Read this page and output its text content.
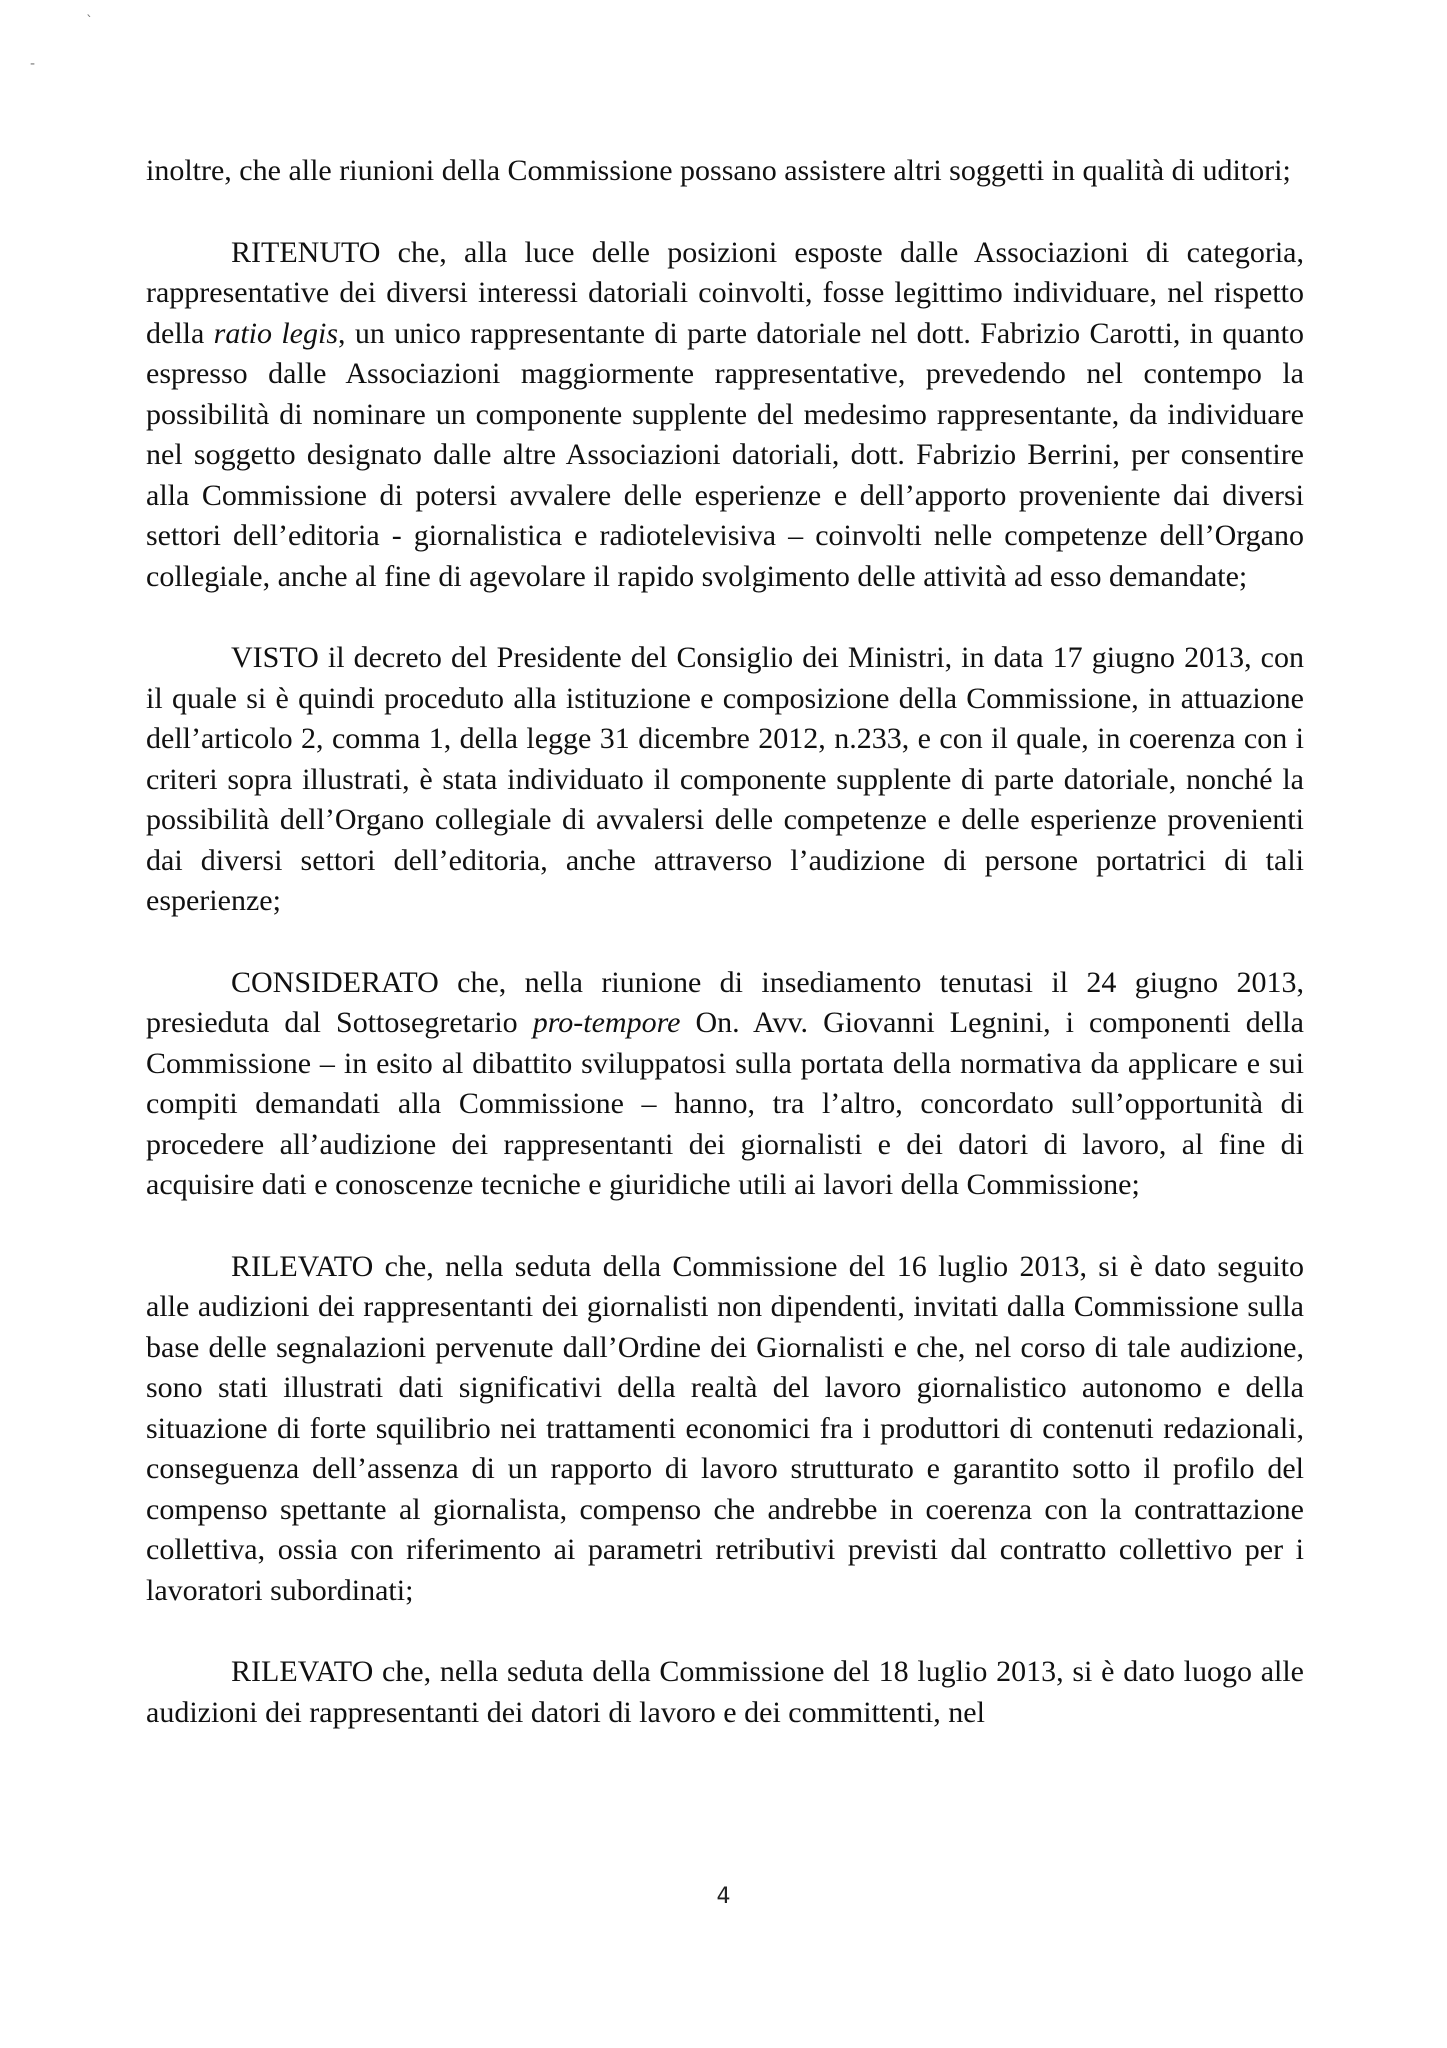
`
-

inoltre, che alle riunioni della Commissione possano assistere altri soggetti in qualità di uditori;

RITENUTO che, alla luce delle posizioni esposte dalle Associazioni di categoria, rappresentative dei diversi interessi datoriali coinvolti, fosse legittimo individuare, nel rispetto della ratio legis, un unico rappresentante di parte datoriale nel dott. Fabrizio Carotti, in quanto espresso dalle Associazioni maggiormente rappresentative, prevedendo nel contempo la possibilità di nominare un componente supplente del medesimo rappresentante, da individuare nel soggetto designato dalle altre Associazioni datoriali, dott. Fabrizio Berrini, per consentire alla Commissione di potersi avvalere delle esperienze e dell’apporto proveniente dai diversi settori dell’editoria - giornalistica e radiotelevisiva – coinvolti nelle competenze dell’Organo collegiale, anche al fine di agevolare il rapido svolgimento delle attività ad esso demandate;

VISTO il decreto del Presidente del Consiglio dei Ministri, in data 17 giugno 2013, con il quale si è quindi proceduto alla istituzione e composizione della Commissione, in attuazione dell’articolo 2, comma 1, della legge 31 dicembre 2012, n.233, e con il quale, in coerenza con i criteri sopra illustrati, è stata individuato il componente supplente di parte datoriale, nonché la possibilità dell’Organo collegiale di avvalersi delle competenze e delle esperienze provenienti dai diversi settori dell’editoria, anche attraverso l’audizione di persone portatrici di tali esperienze;

CONSIDERATO che, nella riunione di insediamento tenutasi il 24 giugno 2013, presieduta dal Sottosegretario pro-tempore On. Avv. Giovanni Legnini, i componenti della Commissione – in esito al dibattito sviluppatosi sulla portata della normativa da applicare e sui compiti demandati alla Commissione – hanno, tra l’altro, concordato sull’opportunità di procedere all’audizione dei rappresentanti dei giornalisti e dei datori di lavoro, al fine di acquisire dati e conoscenze tecniche e giuridiche utili ai lavori della Commissione;

RILEVATO che, nella seduta della Commissione del 16 luglio 2013, si è dato seguito alle audizioni dei rappresentanti dei giornalisti non dipendenti, invitati dalla Commissione sulla base delle segnalazioni pervenute dall’Ordine dei Giornalisti e che, nel corso di tale audizione, sono stati illustrati dati significativi della realtà del lavoro giornalistico autonomo e della situazione di forte squilibrio nei trattamenti economici fra i produttori di contenuti redazionali, conseguenza dell’assenza di un rapporto di lavoro strutturato e garantito sotto il profilo del compenso spettante al giornalista, compenso che andrebbe in coerenza con la contrattazione collettiva, ossia con riferimento ai parametri retributivi previsti dal contratto collettivo per i lavoratori subordinati;

RILEVATO che, nella seduta della Commissione del 18 luglio 2013, si è dato luogo alle audizioni dei rappresentanti dei datori di lavoro e dei committenti, nel

4
